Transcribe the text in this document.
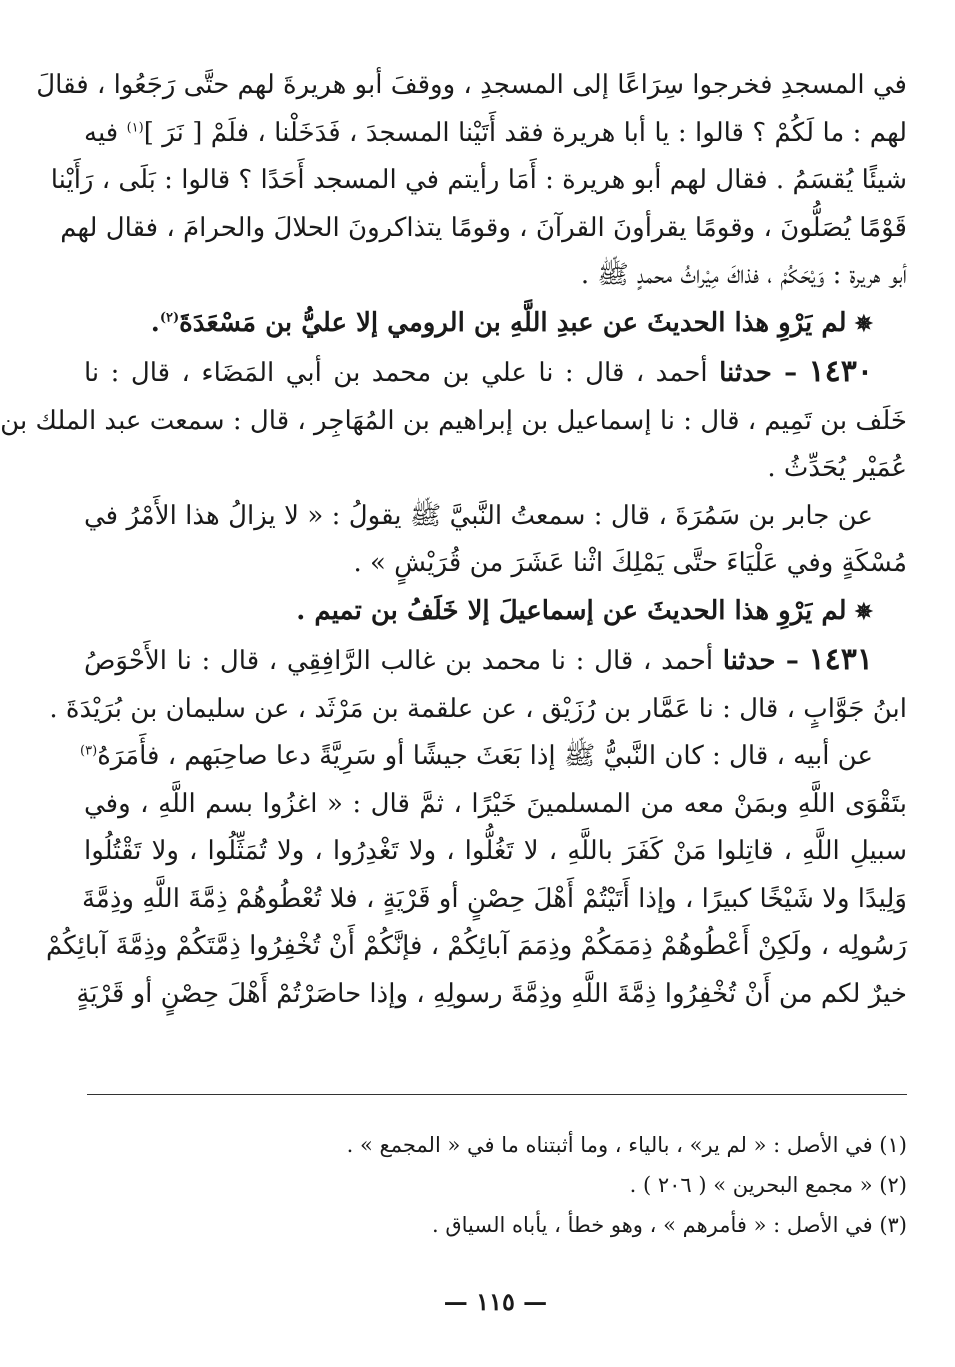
في المسجدِ فخرجوا سِرَاعًا إلى المسجدِ ، ووقفَ أبو هريرةَ لهم حتَّى رَجَعُوا ، فقالَ
لهم : ما لَكُمْ ؟ قالوا : يا أبا هريرة فقد أَتَيْنا المسجدَ ، فَدَخَلْنا ، فلَمْ [ نَرَ ]$^{(١)}$ فيه
شيئًا يُقسَمُ . فقال لهم أبو هريرة : أَمَا رأيتم في المسجد أَحَدًا ؟ قالوا : بَلَى ، رَأَيْنا
قَوْمًا يُصَلُّونَ ، وقومًا يقرأونَ القرآنَ ، وقومًا يتذاكرونَ الحلالَ والحرامَ ، فقال لهم
أبو هريرة : وَيْحَكُمْ ، فذاكَ مِيْراثُ محمدٍ ﷺ .
✵لم يَرْوِ هذا الحديثَ عن عبدِ اللَّهِ بن الرومي إلا عليُّ بن مَسْعَدَةَ$^{(٢)}$.
١٤٣٠ – حدثنا أحمد ، قال : نا علي بن محمد بن أبي المَضَاء ، قال : نا
خَلَف بن تَمِيم ، قال : نا إسماعيل بن إبراهيم بن المُهَاجِر ، قال : سمعت عبد الملك بن
عُمَيْر يُحَدِّثُ .
عن جابر بن سَمُرَةَ ، قال : سمعتُ النَّبيَّ ﷺ يقولُ : « لا يزالُ هذا الأَمْرُ في
مُسْكَةٍ وفي عَلْيَاءَ حتَّى يَمْلِكَ اثْنا عَشَرَ من قُرَيْشٍ » .
✵لم يَرْوِ هذا الحديثَ عن إسماعيلَ إلا خَلَفُ بن تميم .
١٤٣١ – حدثنا أحمد ، قال : نا محمد بن غالب الرَّافِقِي ، قال : نا الأَحْوَصُ
ابنُ جَوَّابٍ ، قال : نا عَمَّار بن رُزَيْق ، عن علقمة بن مَرْثَد ، عن سليمان بن بُرَيْدَةَ .
عن أبيه ، قال : كان النَّبيُّ ﷺ إذا بَعَثَ جيشًا أو سَرِيَّةً دعا صاحِبَهم ، فأَمَرَهُ$^{(٣)}$
بتَقْوَى اللَّهِ وبمَنْ معه من المسلمينَ خَيْرًا ، ثمَّ قال : « اغزُوا بسم اللَّهِ ، وفي
سبيلِ اللَّهِ ، قاتِلوا مَنْ كَفَرَ باللَّهِ ، لا تَغُلُّوا ، ولا تَغْدِرُوا ، ولا تُمَثِّلُوا ، ولا تَقْتُلُوا
وَلِيدًا ولا شَيْخًا كبيرًا ، وإذا أَتَيْتُمْ أَهْلَ حِصْنٍ أو قَرْيَةٍ ، فلا تُعْطُوهُمْ ذِمَّةَ اللَّهِ وذِمَّةَ
رَسُولِه ، ولَكِنْ أَعْطُوهُمْ ذِمَمَكُمْ وذِمَمَ آبائِكُمْ ، فإنَّكُمْ أَنْ تُخْفِرُوا ذِمَّتَكُمْ وذِمَّةَ آبائِكُمْ
خيرٌ لكم من أَنْ تُخْفِرُوا ذِمَّةَ اللَّهِ وذِمَّةَ رسولِهِ ، وإذا حاصَرْتُمْ أَهْلَ حِصْنٍ أو قَرْيَةٍ
(١) في الأصل : « لم ير» ، بالياء ، وما أثبتناه ما في « المجمع » .
(٢) « مجمع البحرين » ( ٢٠٦ ) .
(٣) في الأصل : « فأمرهم » ، وهو خطأ ، يأباه السياق .
— ١١٥ —
